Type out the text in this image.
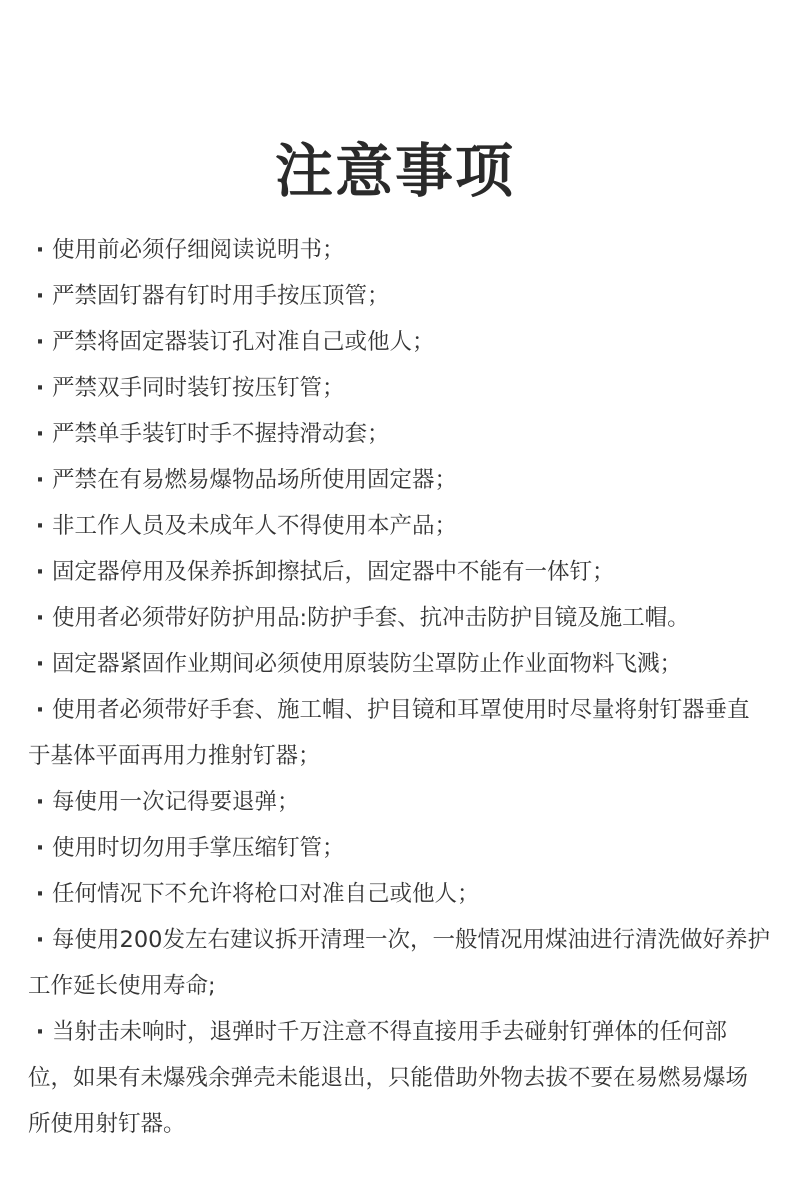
注意事项
· 使用前必须仔细阅读说明书；
· 严禁固钉器有钉时用手按压顶管；
· 严禁将固定器装订孔对准自己或他人；
· 严禁双手同时装钉按压钉管；
· 严禁单手装钉时手不握持滑动套；
· 严禁在有易燃易爆物品场所使用固定器；
· 非工作人员及未成年人不得使用本产品；
· 固定器停用及保养拆卸擦拭后，固定器中不能有一体钉；
· 使用者必须带好防护用品:防护手套、抗冲击防护目镜及施工帽。
· 固定器紧固作业期间必须使用原装防尘罩防止作业面物料飞溅；
· 使用者必须带好手套、施工帽、护目镜和耳罩使用时尽量将射钉器垂直于基体平面再用力推射钉器；
· 每使用一次记得要退弹；
· 使用时切勿用手掌压缩钉管；
· 任何情况下不允许将枪口对准自己或他人；
· 每使用200发左右建议拆开清理一次，一般情况用煤油进行清洗做好养护工作延长使用寿命;
· 当射击未响时，退弹时千万注意不得直接用手去碰射钉弹体的任何部位，如果有未爆残余弹壳未能退出，只能借助外物去拔不要在易燃易爆场所使用射钉器。
